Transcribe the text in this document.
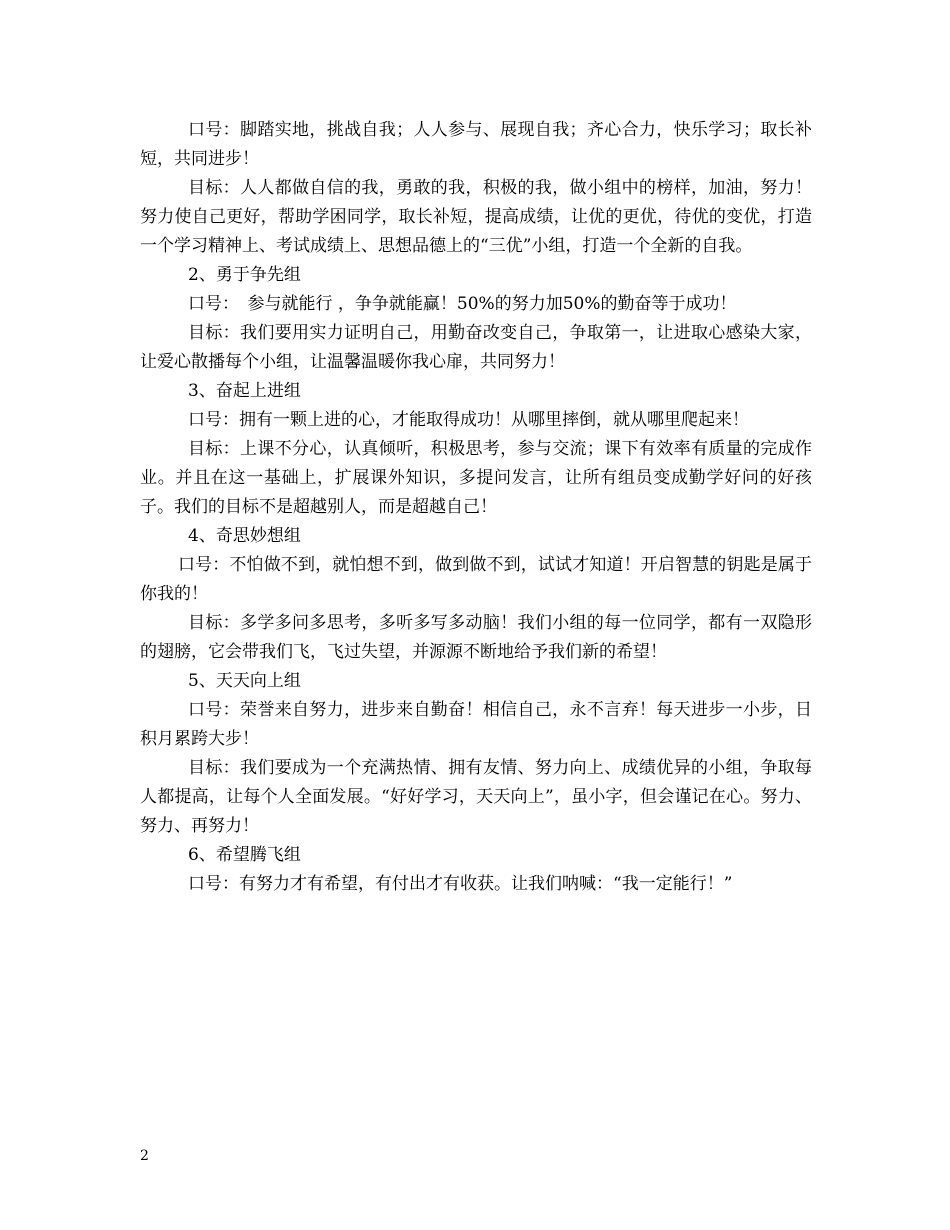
口号：脚踏实地，挑战自我；人人参与、展现自我；齐心合力，快乐学习；取长补短，共同进步！

目标：人人都做自信的我，勇敢的我，积极的我，做小组中的榜样，加油，努力！努力使自己更好，帮助学困同学，取长补短，提高成绩，让优的更优，待优的变优，打造一个学习精神上、考试成绩上、思想品德上的“三优”小组，打造一个全新的自我。

2、勇于争先组

口号：　参与就能行 ，争争就能赢！50%的努力加50%的勤奋等于成功！

目标：我们要用实力证明自己，用勤奋改变自己，争取第一，让进取心感染大家，让爱心散播每个小组，让温馨温暖你我心扉，共同努力！

3、奋起上进组

口号：拥有一颗上进的心，才能取得成功！从哪里摔倒，就从哪里爬起来！

目标：上课不分心，认真倾听，积极思考，参与交流；课下有效率有质量的完成作业。并且在这一基础上，扩展课外知识，多提问发言，让所有组员变成勤学好问的好孩子。我们的目标不是超越别人，而是超越自己！

4、奇思妙想组

口号：不怕做不到，就怕想不到，做到做不到，试试才知道！开启智慧的钥匙是属于你我的！

目标：多学多问多思考，多听多写多动脑！我们小组的每一位同学，都有一双隐形的翅膀，它会带我们飞，飞过失望，并源源不断地给予我们新的希望！

5、天天向上组

口号：荣誉来自努力，进步来自勤奋！相信自己，永不言弃！每天进步一小步，日积月累跨大步！

目标：我们要成为一个充满热情、拥有友情、努力向上、成绩优异的小组，争取每人都提高，让每个人全面发展。“好好学习，天天向上”，虽小字，但会谨记在心。努力、努力、再努力！

6、希望腾飞组

口号：有努力才有希望，有付出才有收获。让我们呐喊：“我一定能行！”

2
